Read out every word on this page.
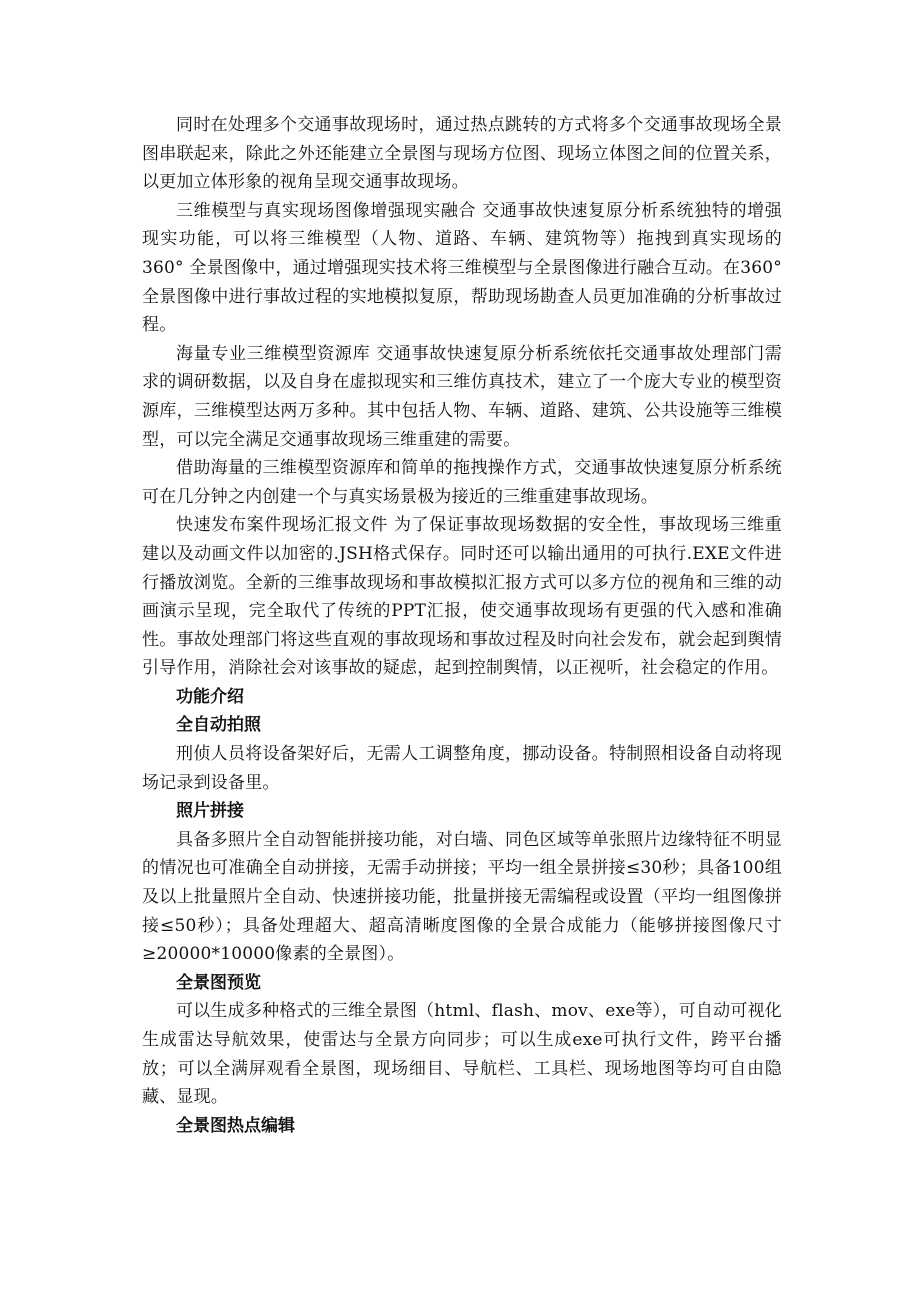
同时在处理多个交通事故现场时，通过热点跳转的方式将多个交通事故现场全景图串联起来，除此之外还能建立全景图与现场方位图、现场立体图之间的位置关系，以更加立体形象的视角呈现交通事故现场。

三维模型与真实现场图像增强现实融合 交通事故快速复原分析系统独特的增强现实功能，可以将三维模型（人物、道路、车辆、建筑物等）拖拽到真实现场的360° 全景图像中，通过增强现实技术将三维模型与全景图像进行融合互动。在360° 全景图像中进行事故过程的实地模拟复原，帮助现场勘查人员更加准确的分析事故过程。

海量专业三维模型资源库 交通事故快速复原分析系统依托交通事故处理部门需求的调研数据，以及自身在虚拟现实和三维仿真技术，建立了一个庞大专业的模型资源库，三维模型达两万多种。其中包括人物、车辆、道路、建筑、公共设施等三维模型，可以完全满足交通事故现场三维重建的需要。

借助海量的三维模型资源库和简单的拖拽操作方式，交通事故快速复原分析系统可在几分钟之内创建一个与真实场景极为接近的三维重建事故现场。

快速发布案件现场汇报文件 为了保证事故现场数据的安全性，事故现场三维重建以及动画文件以加密的.JSH格式保存。同时还可以输出通用的可执行.EXE文件进行播放浏览。全新的三维事故现场和事故模拟汇报方式可以多方位的视角和三维的动画演示呈现，完全取代了传统的PPT汇报，使交通事故现场有更强的代入感和准确性。事故处理部门将这些直观的事故现场和事故过程及时向社会发布，就会起到舆情引导作用，消除社会对该事故的疑虑，起到控制舆情，以正视听，社会稳定的作用。

功能介绍

全自动拍照

刑侦人员将设备架好后，无需人工调整角度，挪动设备。特制照相设备自动将现场记录到设备里。

照片拼接

具备多照片全自动智能拼接功能，对白墙、同色区域等单张照片边缘特征不明显的情况也可准确全自动拼接，无需手动拼接；平均一组全景拼接≤30秒；具备100组及以上批量照片全自动、快速拼接功能，批量拼接无需编程或设置（平均一组图像拼接≤50秒）；具备处理超大、超高清晰度图像的全景合成能力（能够拼接图像尺寸≥20000*10000像素的全景图）。

全景图预览

可以生成多种格式的三维全景图（html、flash、mov、exe等），可自动可视化生成雷达导航效果，使雷达与全景方向同步；可以生成exe可执行文件，跨平台播放；可以全满屏观看全景图，现场细目、导航栏、工具栏、现场地图等均可自由隐藏、显现。

全景图热点编辑
